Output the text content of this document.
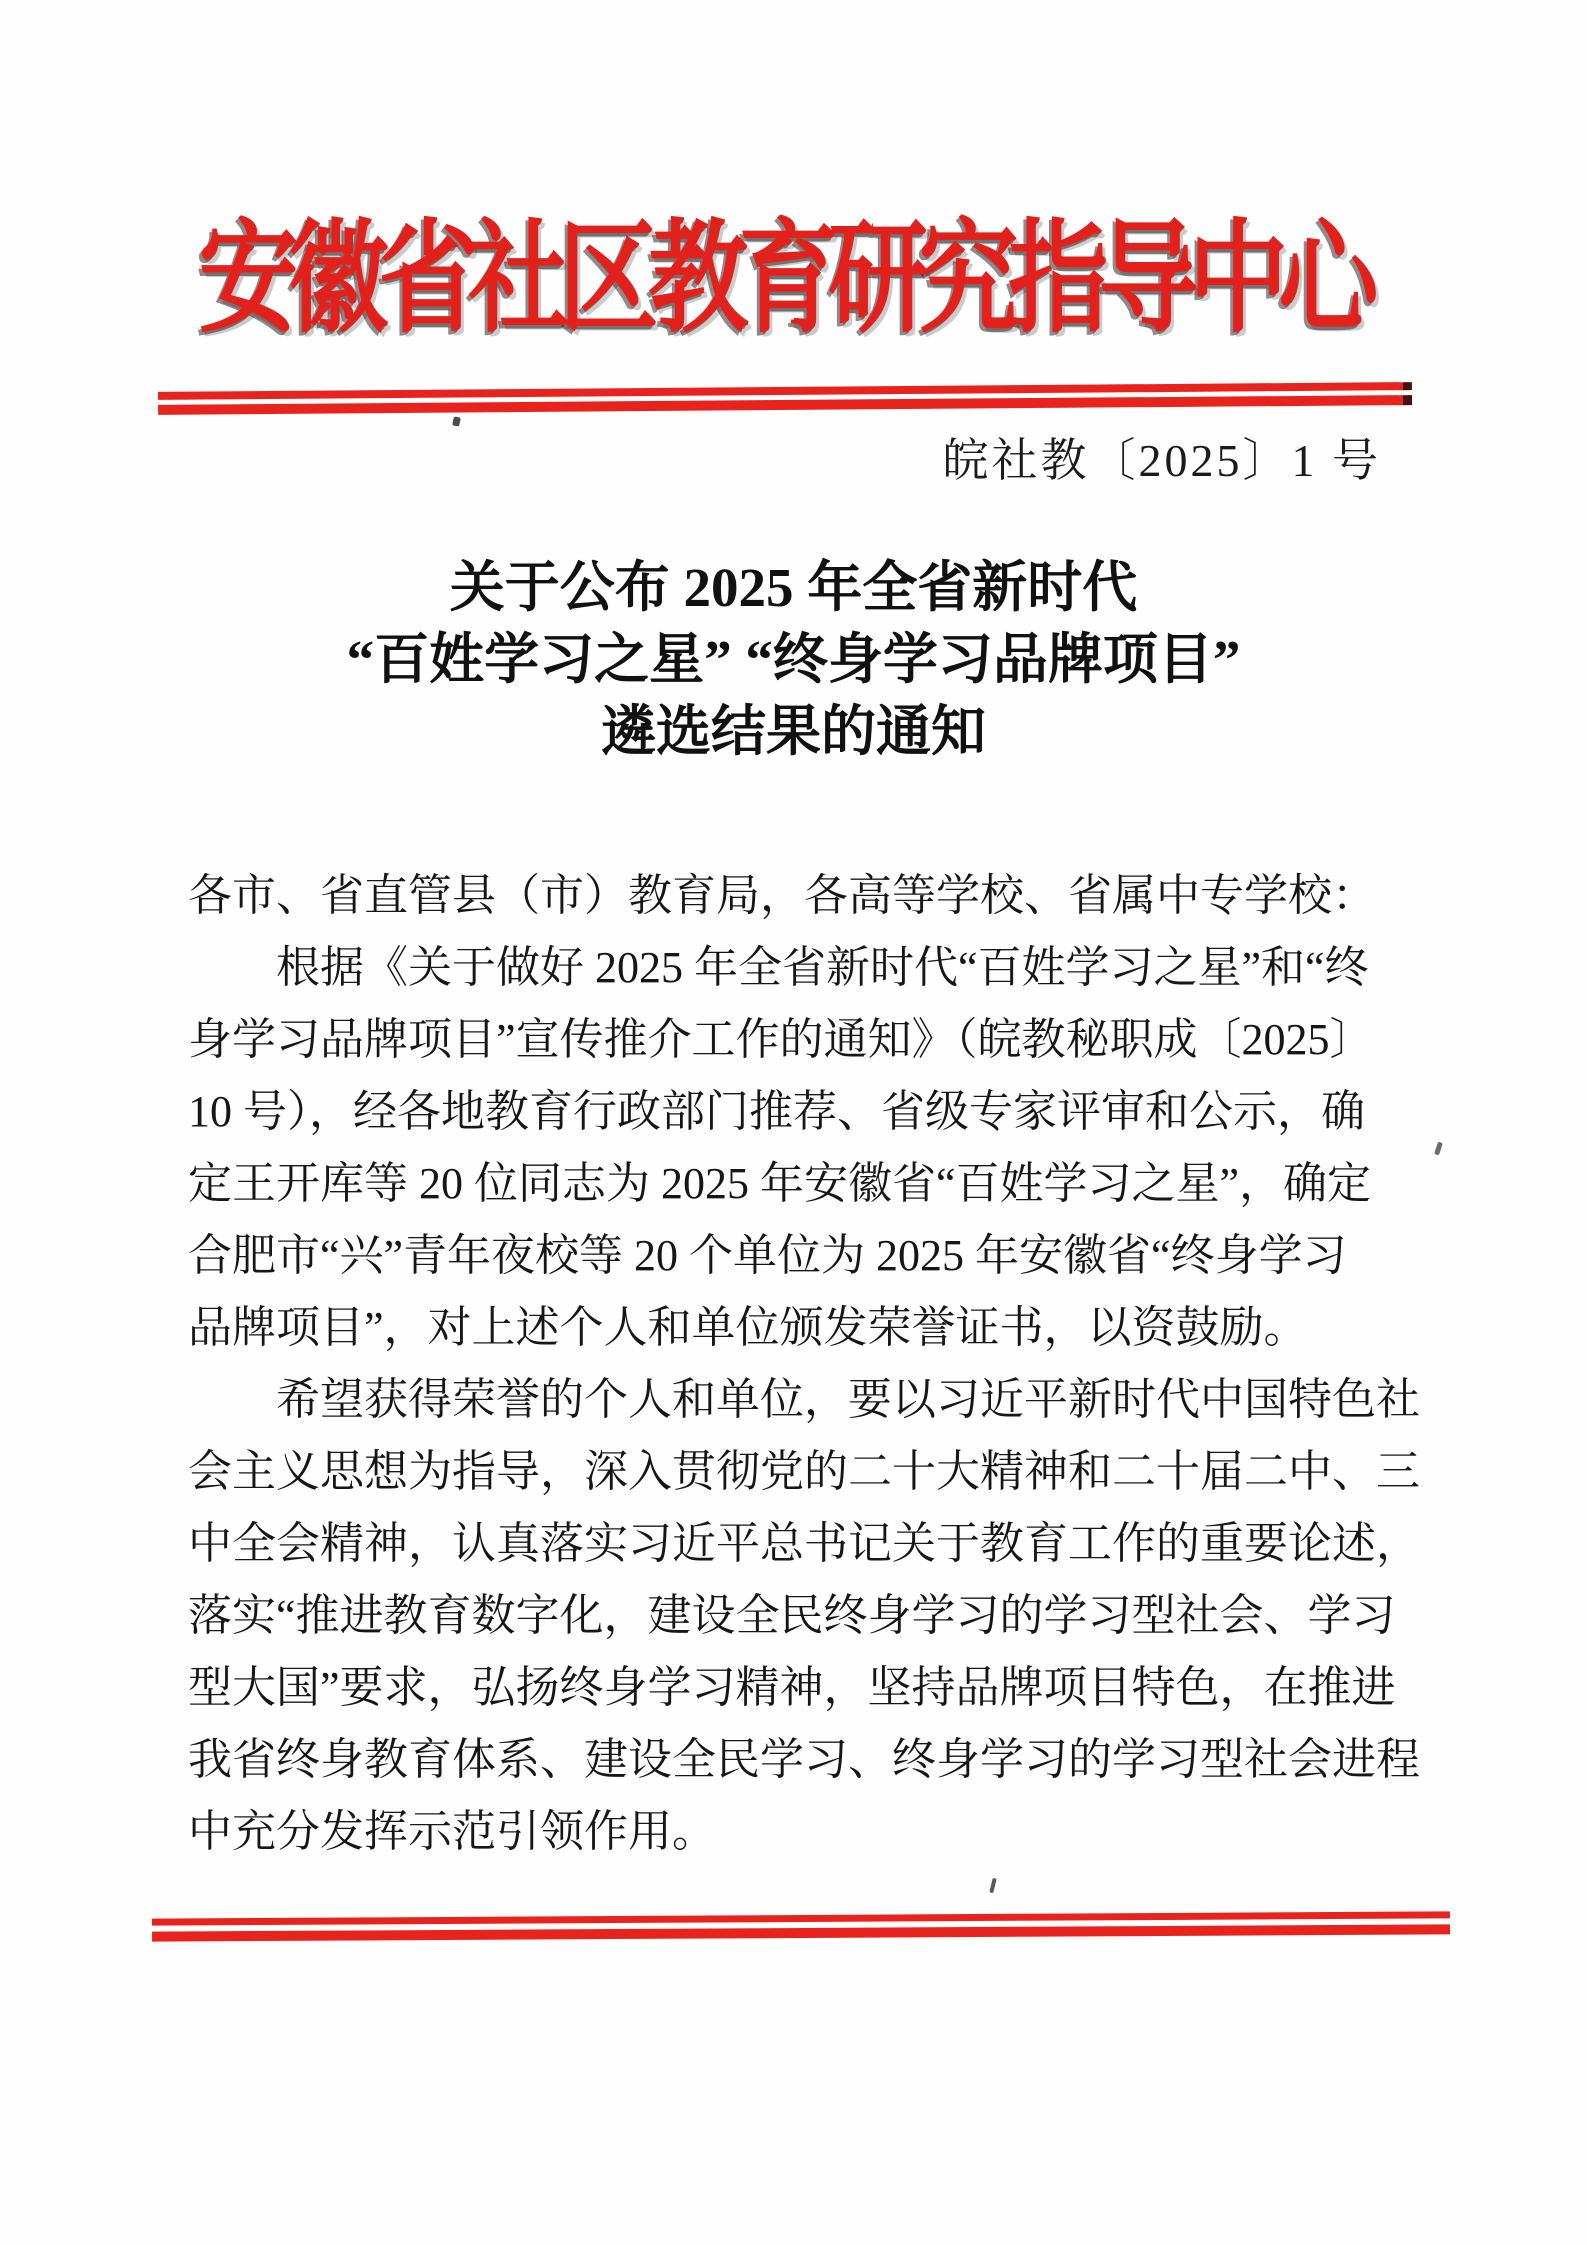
安徽省社区教育研究指导中心
皖社教〔2025〕1 号
关于公布 2025 年全省新时代
“百姓学习之星” “终身学习品牌项目”
遴选结果的通知
各市、省直管县（市）教育局，各高等学校、省属中专学校：
根据《关于做好 2025 年全省新时代“百姓学习之星”和“终
身学习品牌项目”宣传推介工作的通知》（皖教秘职成〔2025〕
10 号），经各地教育行政部门推荐、省级专家评审和公示，确
定王开库等 20 位同志为 2025 年安徽省“百姓学习之星”，确定
合肥市“兴”青年夜校等 20 个单位为 2025 年安徽省“终身学习
品牌项目”，对上述个人和单位颁发荣誉证书，以资鼓励。
希望获得荣誉的个人和单位，要以习近平新时代中国特色社
会主义思想为指导，深入贯彻党的二十大精神和二十届二中、三
中全会精神，认真落实习近平总书记关于教育工作的重要论述，
落实“推进教育数字化，建设全民终身学习的学习型社会、学习
型大国”要求，弘扬终身学习精神，坚持品牌项目特色，在推进
我省终身教育体系、建设全民学习、终身学习的学习型社会进程
中充分发挥示范引领作用。
